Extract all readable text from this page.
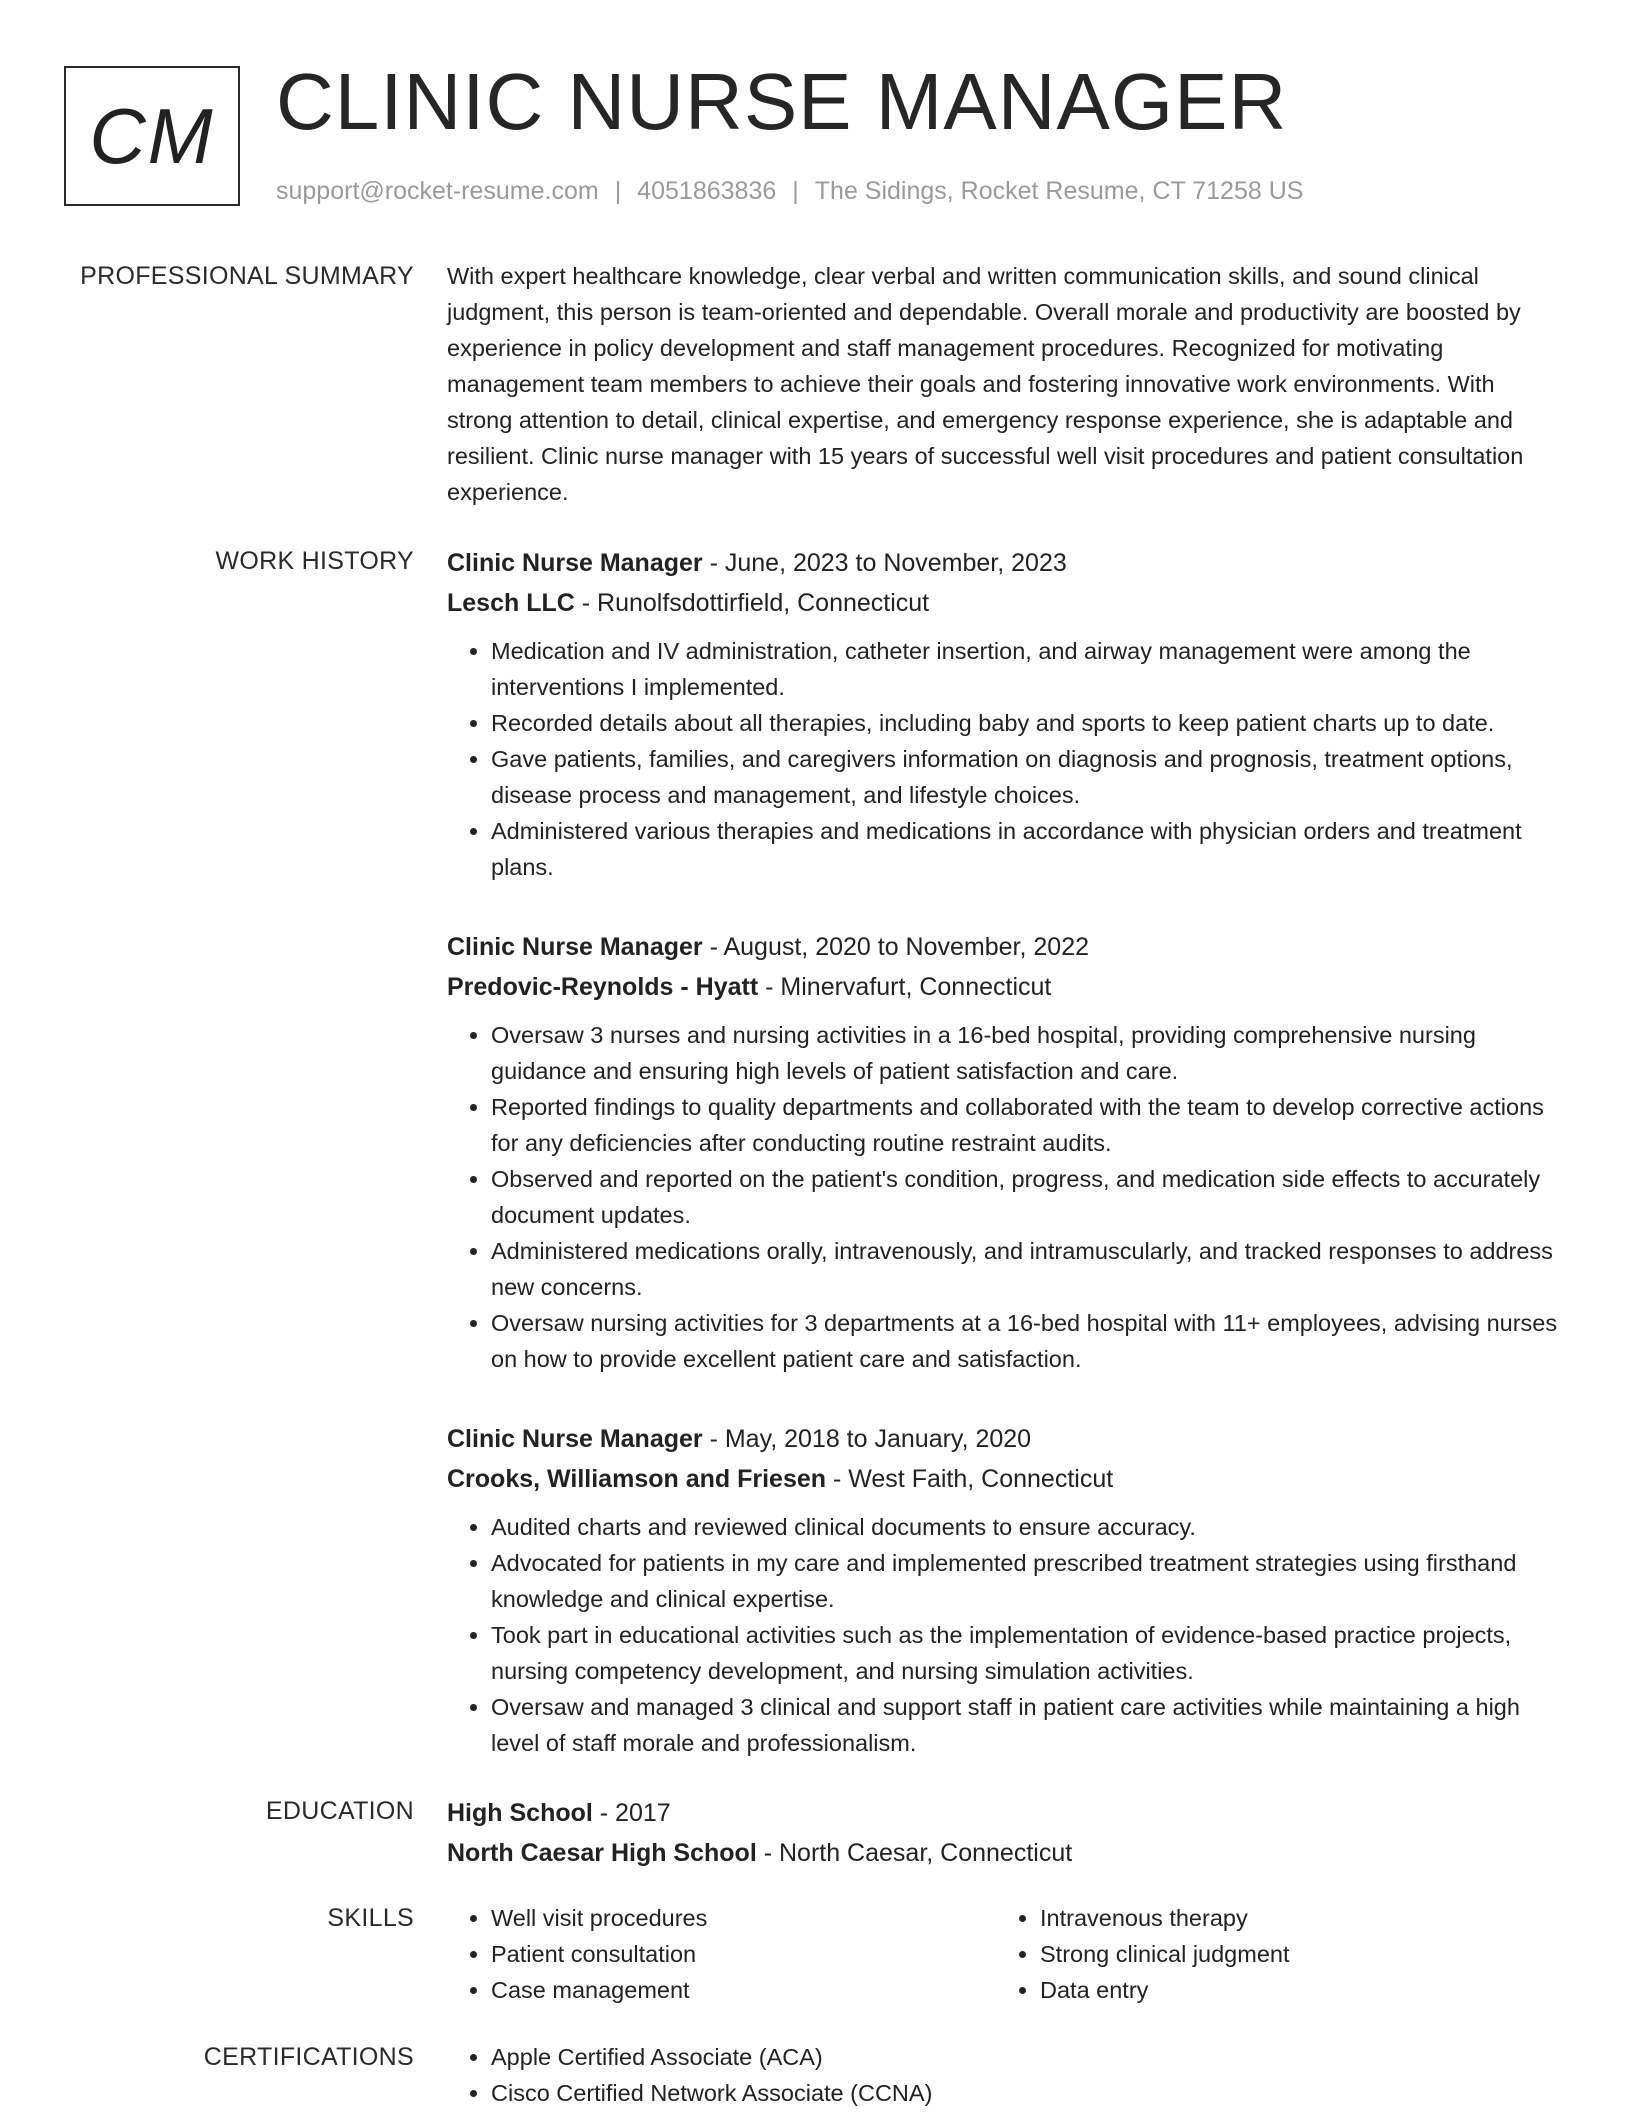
CM CLINIC NURSE MANAGER
support@rocket-resume.com | 4051863836 | The Sidings, Rocket Resume, CT 71258 US
PROFESSIONAL SUMMARY With expert healthcare knowledge, clear verbal and written communication skills, and sound clinical judgment, this person is team-oriented and dependable. Overall morale and productivity are boosted by experience in policy development and staff management procedures. Recognized for motivating management team members to achieve their goals and fostering innovative work environments. With strong attention to detail, clinical expertise, and emergency response experience, she is adaptable and resilient. Clinic nurse manager with 15 years of successful well visit procedures and patient consultation experience.

WORK HISTORY Clinic Nurse Manager - June, 2023 to November, 2023

Lesch LLC - Runolfsdottirfield, Connecticut

• Medication and IV administration, catheter insertion, and airway management were among the interventions I implemented.
• Recorded details about all therapies, including baby and sports to keep patient charts up to date.
• Gave patients, families, and caregivers information on diagnosis and prognosis, treatment options, disease process and management, and lifestyle choices.
• Administered various therapies and medications in accordance with physician orders and treatment plans.

Clinic Nurse Manager - August, 2020 to November, 2022

Predovic-Reynolds - Hyatt - Minervafurt, Connecticut

• Oversaw 3 nurses and nursing activities in a 16-bed hospital, providing comprehensive nursing guidance and ensuring high levels of patient satisfaction and care.
• Reported findings to quality departments and collaborated with the team to develop corrective actions for any deficiencies after conducting routine restraint audits.
• Observed and reported on the patient's condition, progress, and medication side effects to accurately document updates.
• Administered medications orally, intravenously, and intramuscularly, and tracked responses to address new concerns.
• Oversaw nursing activities for 3 departments at a 16-bed hospital with 11+ employees, advising nurses on how to provide excellent patient care and satisfaction.

Clinic Nurse Manager - May, 2018 to January, 2020

Crooks, Williamson and Friesen - West Faith, Connecticut

• Audited charts and reviewed clinical documents to ensure accuracy.
• Advocated for patients in my care and implemented prescribed treatment strategies using firsthand knowledge and clinical expertise.
• Took part in educational activities such as the implementation of evidence-based practice projects, nursing competency development, and nursing simulation activities.
• Oversaw and managed 3 clinical and support staff in patient care activities while maintaining a high level of staff morale and professionalism.
EDUCATION High School - 2017

North Caesar High School - North Caesar, Connecticut

SKILLS	• Well visit procedures
• Patient consultation
• Case management
• Intravenous therapy
• Strong clinical judgment
• Data entry
CERTIFICATIONS	• Apple Certified Associate (ACA)
• Cisco Certified Network Associate (CCNA)
